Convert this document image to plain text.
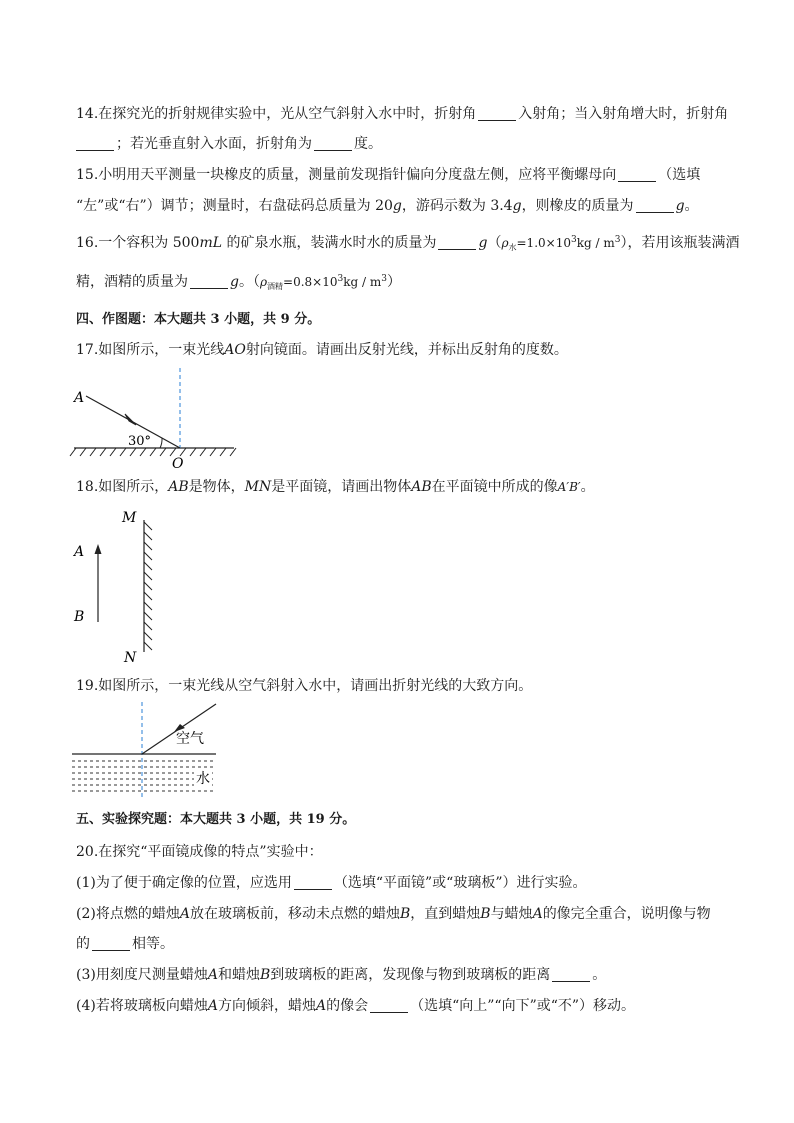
14.在探究光的折射规律实验中，光从空气斜射入水中时，折射角	入射角；当入射角增大时，折射角
；若光垂直射入水面，折射角为	度。
15.小明用天平测量一块橡皮的质量，测量前发现指针偏向分度盘左侧，应将平衡螺母向	（选填
“左”或“右”）调节；测量时，右盘砝码总质量为 20g，游码示数为 3.4g，则橡皮的质量为	g。
16.一个容积为 500mL 的矿泉水瓶，装满水时水的质量为	$g(\rho_水=1.0\times 10^3kg / m^3)$，若用该瓶装满酒
精，酒精的质量为	g。$(\rho_{酒精}=0.8\times 10^3kg / m^3)$
四、作图题：本大题共 3 小题，共 9 分。
17.如图所示，一束光线AO射向镜面。请画出反射光线，并标出反射角的度数。
A
30°
O
18.如图所示，AB是物体，MN是平面镜，请画出物体AB在平面镜中所成的像A′B′。
M
A
B
N
19.如图所示，一束光线从空气斜射入水中，请画出折射光线的大致方向。
空气
水
五、实验探究题：本大题共 3 小题，共 19 分。
20.在探究“平面镜成像的特点”实验中：
(1)为了便于确定像的位置，应选用	（选填“平面镜”或“玻璃板”）进行实验。
(2)将点燃的蜡烛A放在玻璃板前，移动未点燃的蜡烛B，直到蜡烛B与蜡烛A的像完全重合，说明像与物
的	相等。
(3)用刻度尺测量蜡烛A和蜡烛B到玻璃板的距离，发现像与物到玻璃板的距离	。
(4)若将玻璃板向蜡烛A方向倾斜，蜡烛A的像会	（选填“向上”“向下”或“不”）移动。
